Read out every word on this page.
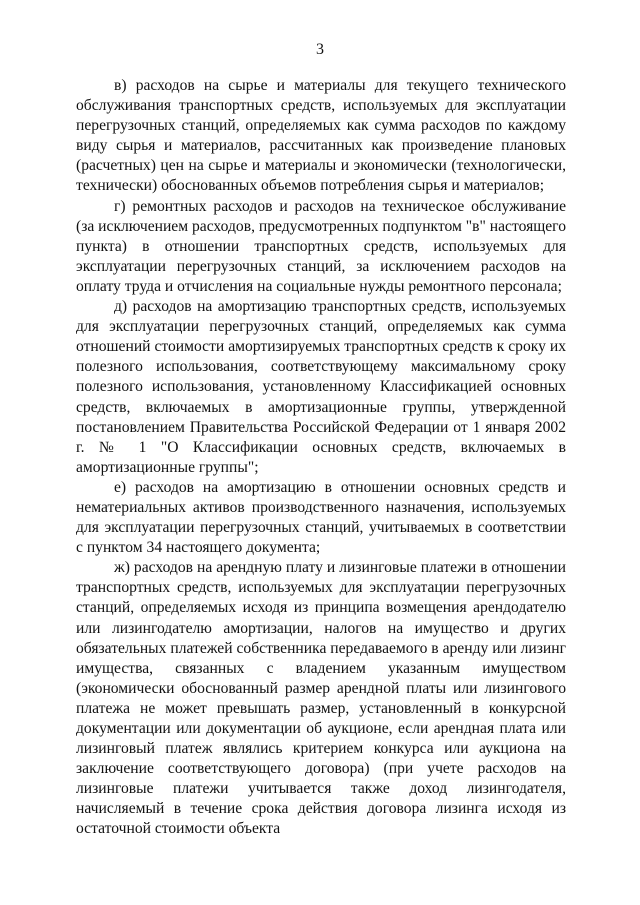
3

в) расходов на сырье и материалы для текущего технического обслуживания транспортных средств, используемых для эксплуатации перегрузочных станций, определяемых как сумма расходов по каждому виду сырья и материалов, рассчитанных как произведение плановых (расчетных) цен на сырье и материалы и экономически (технологически, технически) обоснованных объемов потребления сырья и материалов;

г) ремонтных расходов и расходов на техническое обслуживание (за исключением расходов, предусмотренных подпунктом "в" настоящего пункта) в отношении транспортных средств, используемых для эксплуатации перегрузочных станций, за исключением расходов на оплату труда и отчисления на социальные нужды ремонтного персонала;

д) расходов на амортизацию транспортных средств, используемых для эксплуатации перегрузочных станций, определяемых как сумма отношений стоимости амортизируемых транспортных средств к сроку их полезного использования, соответствующему максимальному сроку полезного использования, установленному Классификацией основных средств, включаемых в амортизационные группы, утвержденной постановлением Правительства Российской Федерации от 1 января 2002 г. № 1 "О Классификации основных средств, включаемых в амортизационные группы";

е) расходов на амортизацию в отношении основных средств и нематериальных активов производственного назначения, используемых для эксплуатации перегрузочных станций, учитываемых в соответствии с пунктом 34 настоящего документа;

ж) расходов на арендную плату и лизинговые платежи в отношении транспортных средств, используемых для эксплуатации перегрузочных станций, определяемых исходя из принципа возмещения арендодателю или лизингодателю амортизации, налогов на имущество и других обязательных платежей собственника передаваемого в аренду или лизинг имущества, связанных с владением указанным имуществом (экономически обоснованный размер арендной платы или лизингового платежа не может превышать размер, установленный в конкурсной документации или документации об аукционе, если арендная плата или лизинговый платеж являлись критерием конкурса или аукциона на заключение соответствующего договора) (при учете расходов на лизинговые платежи учитывается также доход лизингодателя, начисляемый в течение срока действия договора лизинга исходя из остаточной стоимости объекта
